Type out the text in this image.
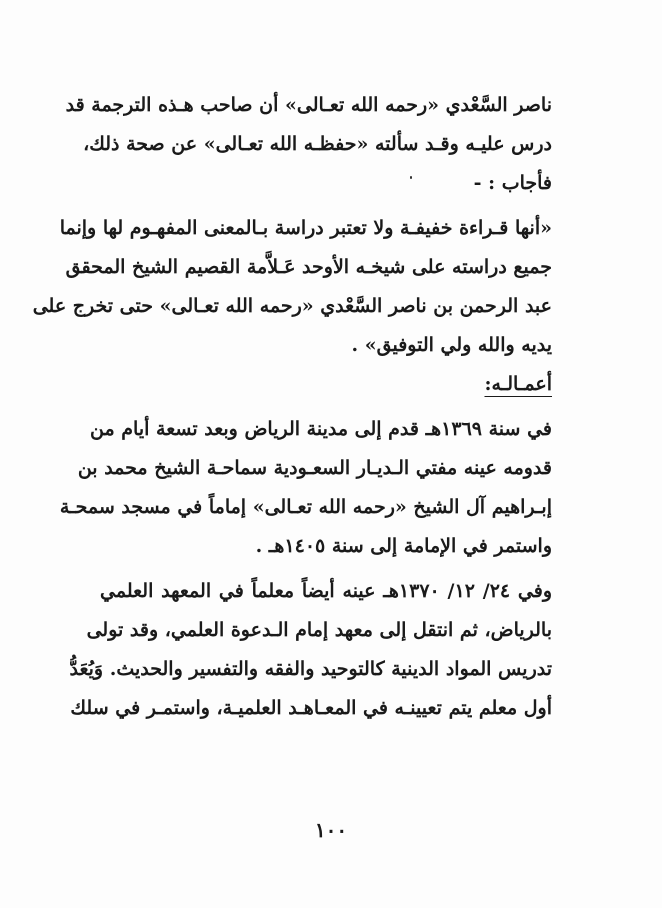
ناصر السَّعْدي «رحمه الله تعـالى» أن صاحب هـذه الترجمة قد
درس عليـه وقـد سألته «حفظـه الله تعـالى» عن صحة ذلك،
فأجاب : -
«أنها قـراءة خفيفـة ولا تعتبر دراسة بـالمعنى المفهـوم لها وإنما
جميع دراسته على شيخـه الأوحد عَـلاَّمة القصيم الشيخ المحقق
عبد الرحمن بن ناصر السَّعْدي «رحمه الله تعـالى» حتى تخرج على
يديه والله ولي التوفيق» .
أعمـالـه:
في سنة ١٣٦٩هـ قدم إلى مدينة الرياض وبعد تسعة أيام من
قدومه عينه مفتي الـديـار السعـودية سماحـة الشيخ محمد بن
إبـراهيم آل الشيخ «رحمه الله تعـالى» إماماً في مسجد سمحـة
واستمر في الإمامة إلى سنة ١٤٠٥هـ .
وفي ٢٤/ ١٢/ ١٣٧٠هـ عينه أيضاً معلماً في المعهد العلمي
بالرياض، ثم انتقل إلى معهد إمام الـدعوة العلمي، وقد تولى
تدريس المواد الدينية كالتوحيد والفقه والتفسير والحديث. وَيُعَدُّ
أول معلم يتم تعيينـه في المعـاهـد العلميـة، واستمـر في سلك
١٠٠
